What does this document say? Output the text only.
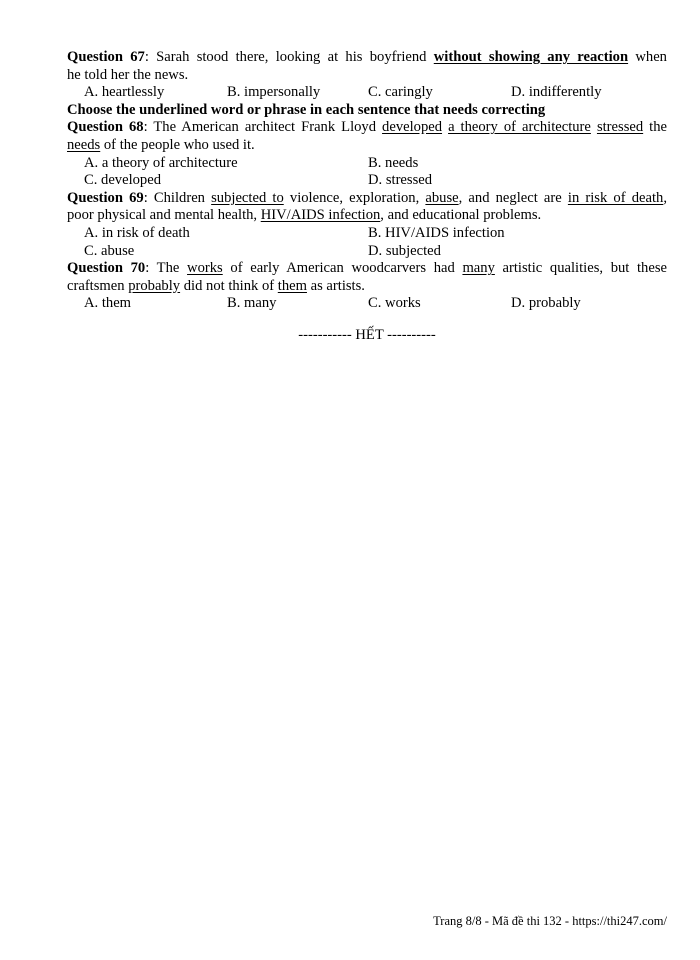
Question 67: Sarah stood there, looking at his boyfriend without showing any reaction when
he told her the news.
A. heartlessly	B. impersonally	C. caringly	D. indifferently
Choose the underlined word or phrase in each sentence that needs correcting
Question 68: The American architect Frank Lloyd developed a theory of architecture stressed the
needs of the people who used it.
A. a theory of architecture	B. needs
C. developed	D. stressed
Question 69: Children subjected to violence, exploration, abuse, and neglect are in risk of death,
poor physical and mental health, HIV/AIDS infection, and educational problems.
A. in risk of death	B. HIV/AIDS infection
C. abuse	D. subjected
Question 70: The works of early American woodcarvers had many artistic qualities, but these
craftsmen probably did not think of them as artists.
A. them	B. many	C. works	D. probably
----------- HẾT ----------
Trang 8/8 - Mã đề thi 132 - https://thi247.com/
